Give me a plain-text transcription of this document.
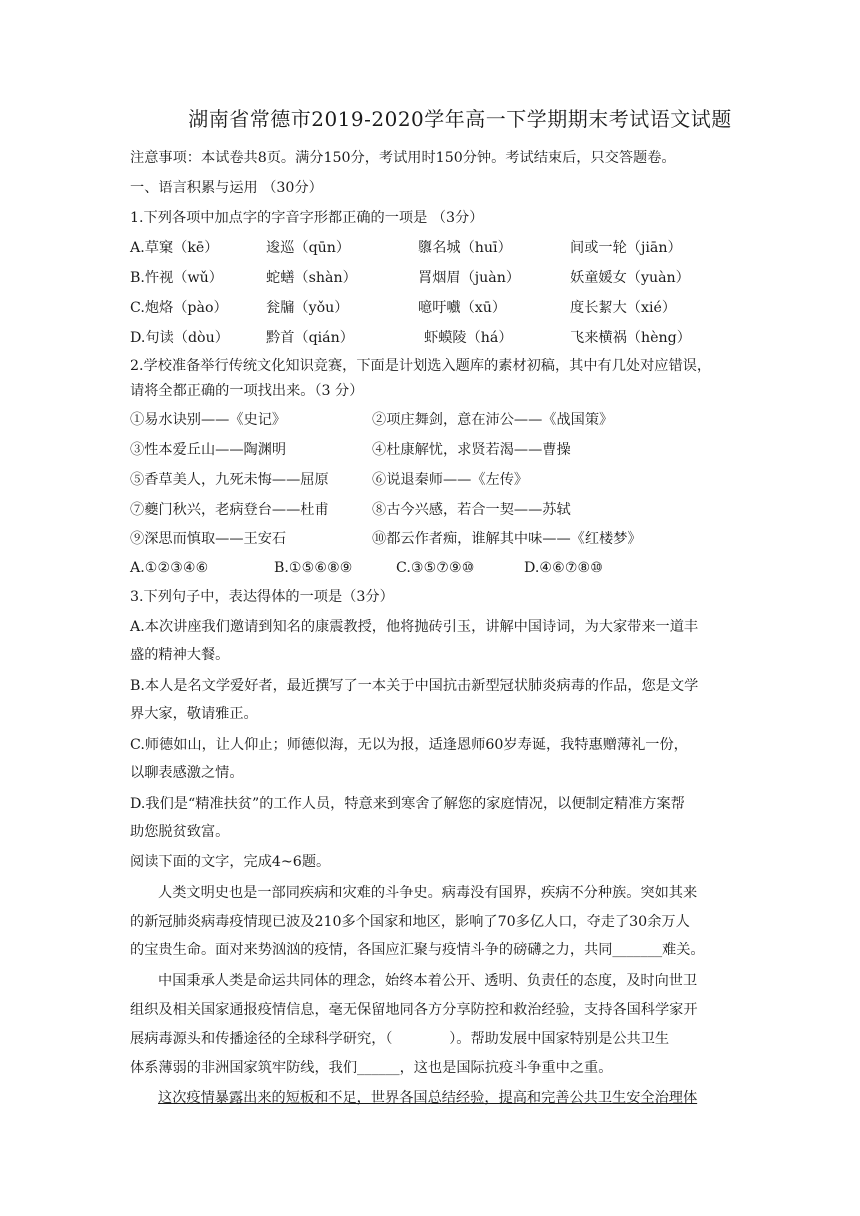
湖南省常德市2019-2020学年高一下学期期末考试语文试题
注意事项：本试卷共8页。满分150分，考试用时150分钟。考试结束后，只交答题卷。
一、语言积累与运用 （30分）
1.下列各项中加点字的字音字形都正确的一项是 （3分）
A.草窠（kē）	逡巡（qūn）	隳名城（huī）	间或一轮（jiān）
B.忤视（wǔ）	蛇蟮（shàn）	罥烟眉（juàn）	妖童媛女（yuàn）
C.炮烙（pào）	瓮牖（yǒu）	噫吁嚱（xū）	度长絜大（xié）
D.句读（dòu）	黔首（qián）	虾蟆陵（há）	飞来横祸（hèng）
2.学校准备举行传统文化知识竞赛，下面是计划选入题库的素材初稿，其中有几处对应错误，
请将全都正确的一项找出来。（3 分）
①易水诀别——《史记》	②项庄舞剑，意在沛公——《战国策》
③性本爱丘山——陶渊明	④杜康解忧，求贤若渴——曹操
⑤香草美人，九死未悔——屈原	⑥说退秦师——《左传》
⑦夔门秋兴，老病登台——杜甫	⑧古今兴感，若合一契——苏轼
⑨深思而慎取——王安石	⑩都云作者痴，谁解其中味——《红楼梦》
A.①②③④⑥	B.①⑤⑥⑧⑨	C.③⑤⑦⑨⑩	D.④⑥⑦⑧⑩
3.下列句子中，表达得体的一项是（3分）
A.本次讲座我们邀请到知名的康震教授，他将抛砖引玉，讲解中国诗词，为大家带来一道丰
盛的精神大餐。
B.本人是名文学爱好者，最近撰写了一本关于中国抗击新型冠状肺炎病毒的作品，您是文学
界大家，敬请雅正。
C.师德如山，让人仰止；师德似海，无以为报，适逢恩师60岁寿诞，我特惠赠薄礼一份，
以聊表感激之情。
D.我们是“精准扶贫”的工作人员，特意来到寒舍了解您的家庭情况，以便制定精准方案帮
助您脱贫致富。
阅读下面的文字，完成4~6题。
人类文明史也是一部同疾病和灾难的斗争史。病毒没有国界，疾病不分种族。突如其来
的新冠肺炎病毒疫情现已波及210多个国家和地区，影响了70多亿人口，夺走了30余万人
的宝贵生命。面对来势汹汹的疫情，各国应汇聚与疫情斗争的磅礴之力，共同_______难关。
中国秉承人类是命运共同体的理念，始终本着公开、透明、负责任的态度，及时向世卫
组织及相关国家通报疫情信息，毫无保留地同各方分享防控和救治经验，支持各国科学家开
展病毒源头和传播途径的全球科学研究，（　　　　）。帮助发展中国家特别是公共卫生
体系薄弱的非洲国家筑牢防线，我们______，这也是国际抗疫斗争重中之重。
这次疫情暴露出来的短板和不足，世界各国总结经验，提高和完善公共卫生安全治理体
